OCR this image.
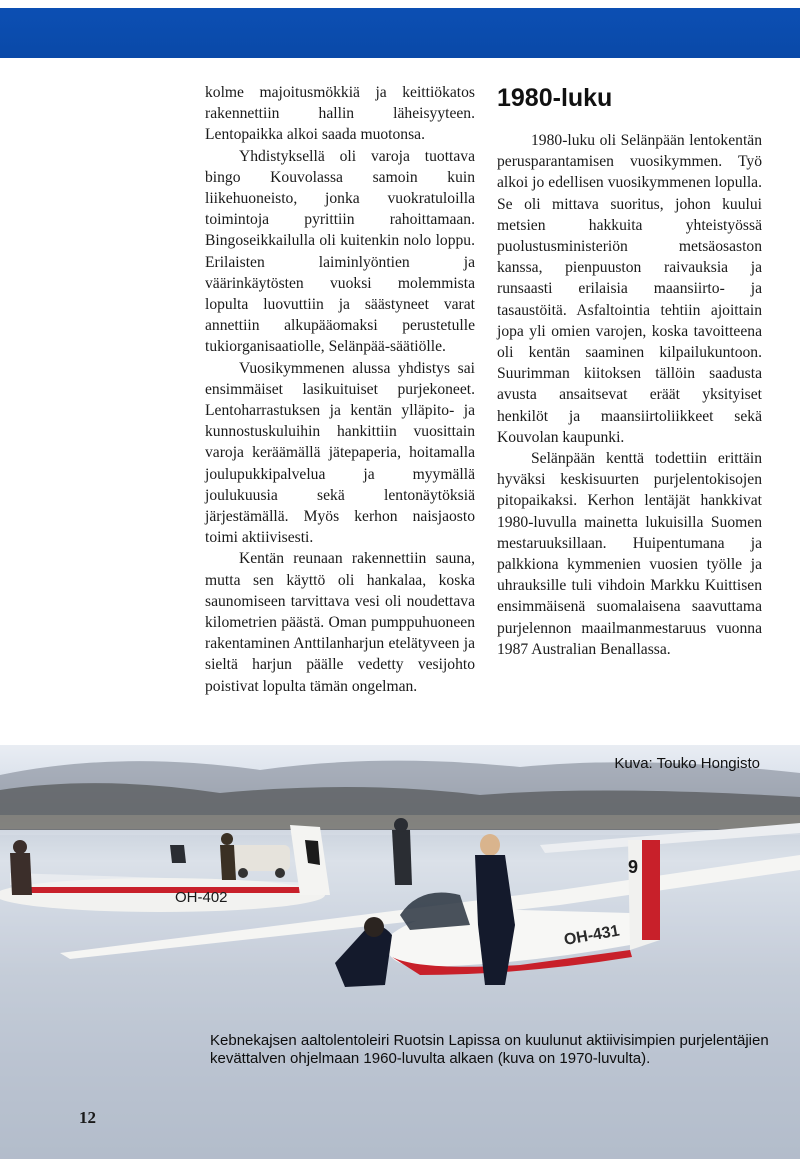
kolme majoitusmökkiä ja keittiökatos rakennettiin hallin läheisyyteen. Lentopaikka alkoi saada muotonsa.

Yhdistyksellä oli varoja tuottava bingo Kouvolassa samoin kuin liikehuoneisto, jonka vuokratuloilla toimintoja pyrittiin rahoittamaan. Bingoseikkailulla oli kuitenkin nolo loppu. Erilaisten laiminlyöntien ja väärinkäytösten vuoksi molemmista lopulta luovuttiin ja säästyneet varat annettiin alkupääomaksi perustetulle tukiorganisaatiolle, Selänpää-säätiölle.

Vuosikymmenen alussa yhdistys sai ensimmäiset lasikuituiset purjekoneet. Lentoharrastuksen ja kentän ylläpito- ja kunnostuskuluihin hankittiin vuosittain varoja keräämällä jätepaperia, hoitamalla joulupukkipalvelua ja myymällä joulukuusia sekä lentonäytöksiä järjestämällä. Myös kerhon naisjaosto toimi aktiivisesti.

Kentän reunaan rakennettiin sauna, mutta sen käyttö oli hankalaa, koska saunomiseen tarvittava vesi oli noudettava kilometrien päästä. Oman pumppuhuoneen rakentaminen Anttilanharjun etelätyveen ja sieltä harjun päälle vedetty vesijohto poistivat lopulta tämän ongelman.

1980-luku

1980-luku oli Selänpään lentokentän perusparantamisen vuosikymmen. Työ alkoi jo edellisen vuosikymmenen lopulla. Se oli mittava suoritus, johon kuului metsien hakkuita yhteistyössä puolustusministeriön metsäosaston kanssa, pienpuuston raivauksia ja runsaasti erilaisia maansiirto- ja tasaustöitä. Asfaltointia tehtiin ajoittain jopa yli omien varojen, koska tavoitteena oli kentän saaminen kilpailukuntoon. Suurimman kiitoksen tällöin saadusta avusta ansaitsevat eräät yksityiset henkilöt ja maansiirtoliikkeet sekä Kouvolan kaupunki.

Selänpään kenttä todettiin erittäin hyväksi keskisuurten purjelentokisojen pitopaikaksi. Kerhon lentäjät hankkivat 1980-luvulla mainetta lukuisilla Suomen mestaruuksillaan. Huipentumana ja palkkiona kymmenien vuosien työlle ja uhrauksille tuli vihdoin Markku Kuittisen ensimmäisenä suomalaisena saavuttama purjelennon maailmanmestaruus vuonna 1987 Australian Benallassa.

OH-402
9
OH-431
Kuva: Touko Hongisto
Kebnekajsen aaltolentoleiri Ruotsin Lapissa on kuulunut aktiivisimpien purjelentäjien kevättalven ohjelmaan 1960-luvulta alkaen (kuva on 1970-luvulta).
12
